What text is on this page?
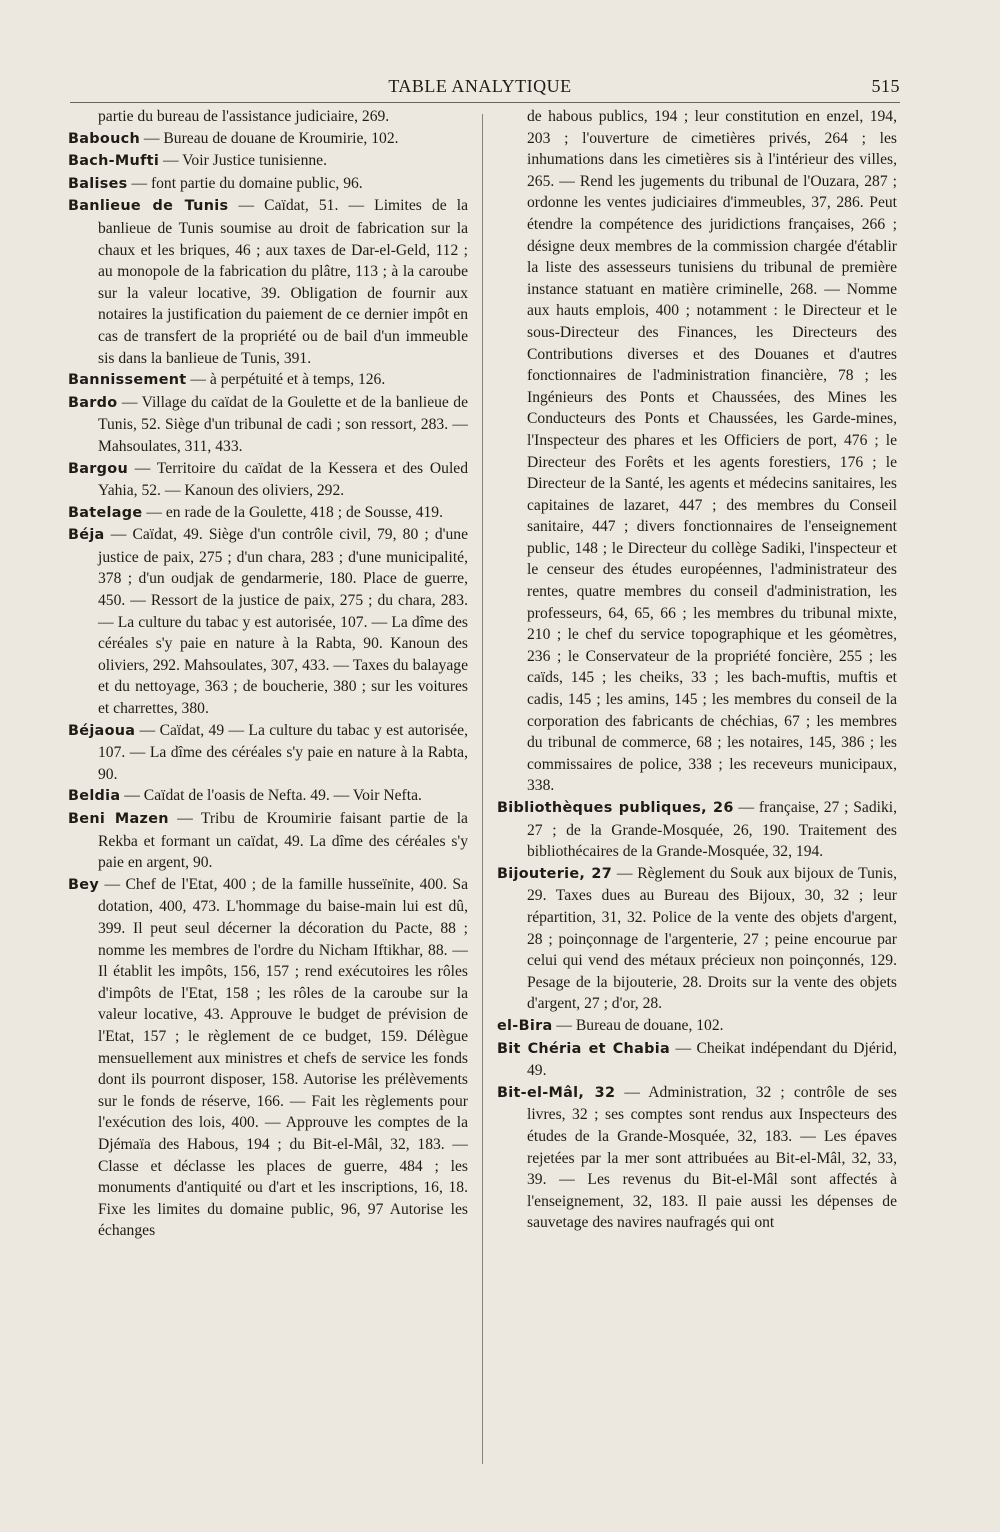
TABLE ANALYTIQUE	515

partie du bureau de l'assistance judiciaire, 269.

Babouch — Bureau de douane de Kroumirie, 102.

Bach-Mufti — Voir Justice tunisienne.

Balises — font partie du domaine public, 96.

Banlieue de Tunis — Caïdat, 51. — Limites de la banlieue de Tunis soumise au droit de fabrication sur la chaux et les briques, 46 ; aux taxes de Dar-el-Geld, 112 ; au monopole de la fabrication du plâtre, 113 ; à la caroube sur la valeur locative, 39. Obligation de fournir aux notaires la justification du paiement de ce dernier impôt en cas de transfert de la propriété ou de bail d'un immeuble sis dans la banlieue de Tunis, 391.

Bannissement — à perpétuité et à temps, 126.

Bardo — Village du caïdat de la Goulette et de la banlieue de Tunis, 52. Siège d'un tribunal de cadi ; son ressort, 283. — Mahsoulates, 311, 433.

Bargou — Territoire du caïdat de la Kessera et des Ouled Yahia, 52. — Kanoun des oliviers, 292.

Batelage — en rade de la Goulette, 418 ; de Sousse, 419.

Béja — Caïdat, 49. Siège d'un contrôle civil, 79, 80 ; d'une justice de paix, 275 ; d'un chara, 283 ; d'une municipalité, 378 ; d'un oudjak de gendarmerie, 180. Place de guerre, 450. — Ressort de la justice de paix, 275 ; du chara, 283. — La culture du tabac y est autorisée, 107. — La dîme des céréales s'y paie en nature à la Rabta, 90. Kanoun des oliviers, 292. Mahsoulates, 307, 433. — Taxes du balayage et du nettoyage, 363 ; de boucherie, 380 ; sur les voitures et charrettes, 380.

Béjaoua — Caïdat, 49 — La culture du tabac y est autorisée, 107. — La dîme des céréales s'y paie en nature à la Rabta, 90.

Beldia — Caïdat de l'oasis de Nefta. 49. — Voir Nefta.

Beni Mazen — Tribu de Kroumirie faisant partie de la Rekba et formant un caïdat, 49. La dîme des céréales s'y paie en argent, 90.

Bey — Chef de l'Etat, 400 ; de la famille husseïnite, 400. Sa dotation, 400, 473. L'hommage du baise-main lui est dû, 399. Il peut seul décerner la décoration du Pacte, 88 ; nomme les membres de l'ordre du Nicham Iftikhar, 88. — Il établit les impôts, 156, 157 ; rend exécutoires les rôles d'impôts de l'Etat, 158 ; les rôles de la caroube sur la valeur locative, 43. Approuve le budget de prévision de l'Etat, 157 ; le règlement de ce budget, 159. Délègue mensuellement aux ministres et chefs de service les fonds dont ils pourront disposer, 158. Autorise les prélèvements sur le fonds de réserve, 166. — Fait les règlements pour l'exécution des lois, 400. — Approuve les comptes de la Djémaïa des Habous, 194 ; du Bit-el-Mâl, 32, 183. — Classe et déclasse les places de guerre, 484 ; les monuments d'antiquité ou d'art et les inscriptions, 16, 18. Fixe les limites du domaine public, 96, 97 Autorise les échanges

de habous publics, 194 ; leur constitution en enzel, 194, 203 ; l'ouverture de cimetières privés, 264 ; les inhumations dans les cimetières sis à l'intérieur des villes, 265. — Rend les jugements du tribunal de l'Ouzara, 287 ; ordonne les ventes judiciaires d'immeubles, 37, 286. Peut étendre la compétence des juridictions françaises, 266 ; désigne deux membres de la commission chargée d'établir la liste des assesseurs tunisiens du tribunal de première instance statuant en matière criminelle, 268. — Nomme aux hauts emplois, 400 ; notamment : le Directeur et le sous-Directeur des Finances, les Directeurs des Contributions diverses et des Douanes et d'autres fonctionnaires de l'administration financière, 78 ; les Ingénieurs des Ponts et Chaussées, des Mines les Conducteurs des Ponts et Chaussées, les Garde-mines, l'Inspecteur des phares et les Officiers de port, 476 ; le Directeur des Forêts et les agents forestiers, 176 ; le Directeur de la Santé, les agents et médecins sanitaires, les capitaines de lazaret, 447 ; des membres du Conseil sanitaire, 447 ; divers fonctionnaires de l'enseignement public, 148 ; le Directeur du collège Sadiki, l'inspecteur et le censeur des études européennes, l'administrateur des rentes, quatre membres du conseil d'administration, les professeurs, 64, 65, 66 ; les membres du tribunal mixte, 210 ; le chef du service topographique et les géomètres, 236 ; le Conservateur de la propriété foncière, 255 ; les caïds, 145 ; les cheiks, 33 ; les bach-muftis, muftis et cadis, 145 ; les amins, 145 ; les membres du conseil de la corporation des fabricants de chéchias, 67 ; les membres du tribunal de commerce, 68 ; les notaires, 145, 386 ; les commissaires de police, 338 ; les receveurs municipaux, 338.

Bibliothèques publiques, 26 — française, 27 ; Sadiki, 27 ; de la Grande-Mosquée, 26, 190. Traitement des bibliothécaires de la Grande-Mosquée, 32, 194.

Bijouterie, 27 — Règlement du Souk aux bijoux de Tunis, 29. Taxes dues au Bureau des Bijoux, 30, 32 ; leur répartition, 31, 32. Police de la vente des objets d'argent, 28 ; poinçonnage de l'argenterie, 27 ; peine encourue par celui qui vend des métaux précieux non poinçonnés, 129. Pesage de la bijouterie, 28. Droits sur la vente des objets d'argent, 27 ; d'or, 28.

el-Bira — Bureau de douane, 102.

Bit Chéria et Chabia — Cheikat indépendant du Djérid, 49.

Bit-el-Mâl, 32 — Administration, 32 ; contrôle de ses livres, 32 ; ses comptes sont rendus aux Inspecteurs des études de la Grande-Mosquée, 32, 183. — Les épaves rejetées par la mer sont attribuées au Bit-el-Mâl, 32, 33, 39. — Les revenus du Bit-el-Mâl sont affectés à l'enseignement, 32, 183. Il paie aussi les dépenses de sauvetage des navires naufragés qui ont
